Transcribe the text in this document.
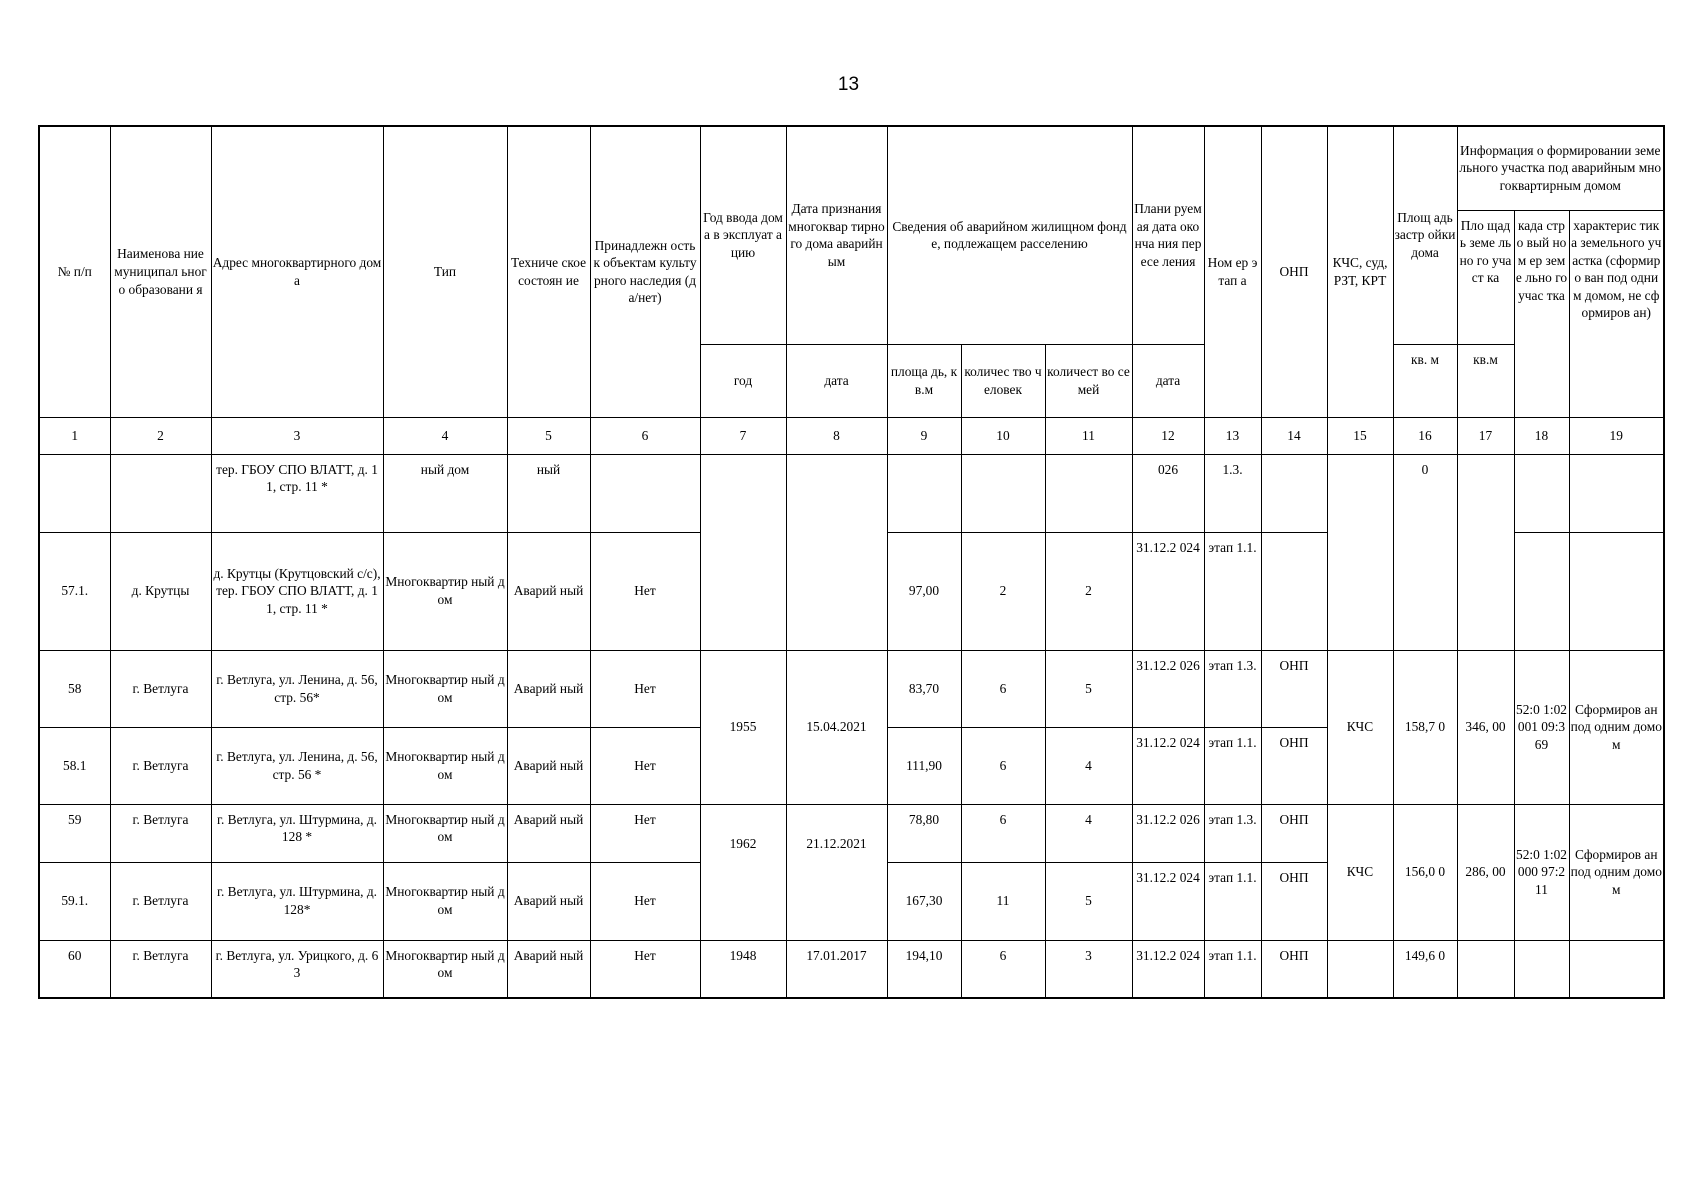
13
№ п/п	Наименова ние муниципал ьного образовани я	Адрес многоквартирного дома	Тип	Техниче ское состоян ие	Принадлежн ость к объектам культурного наследия (да/нет)	Год ввода дома в эксплуат ацию	Дата признания многоквар тирного дома аварийным	Сведения об аварийном жилищном фонде, подлежащем расселению			Плани руемая дата оконча ния пересе ления	Ном ер этап а	ОНП	КЧС, суд, РЗТ, КРТ	Площ адь застр ойки дома	Информация о формировании земельного участка под аварийным многоквартирным домом		
																Пло щадь земе льно го участ ка	када стро вый ном ер земе льно го учас тка	характерис тика земельного участка (сформиро ван под одним домом, не сформиров ан)
						год	дата	площа дь, кв.м	количес тво человек	количест во семей	дата				кв. м	кв.м		
1	2	3	4	5	6	7	8	9	10	11	12	13	14	15	16	17	18	19
		тер. ГБОУ СПО ВЛАТТ, д. 11, стр. 11 *	ный дом	ный							026	1.3.			0			
57.1.	д. Крутцы	д. Крутцы (Крутцовский с/с), тер. ГБОУ СПО ВЛАТТ, д. 11, стр. 11 *	Многоквартир ный дом	Аварий ный	Нет			97,00	2	2	31.12.2 024	этап 1.1.						
58	г. Ветлуга	г. Ветлуга, ул. Ленина, д. 56, стр. 56*	Многоквартир ный дом	Аварий ный	Нет	1955	15.04.2021	83,70	6	5	31.12.2 026	этап 1.3.	ОНП	КЧС	158,7 0	346, 00	52:0 1:02 001 09:3 69	Сформиров ан под одним домом
58.1	г. Ветлуга	г. Ветлуга, ул. Ленина, д. 56, стр. 56 *	Многоквартир ный дом	Аварий ный	Нет			111,90	6	4	31.12.2 024	этап 1.1.	ОНП					
59	г. Ветлуга	г. Ветлуга, ул. Штурмина, д. 128 *	Многоквартир ный дом	Аварий ный	Нет	1962	21.12.2021	78,80	6	4	31.12.2 026	этап 1.3.	ОНП	КЧС	156,0 0	286, 00	52:0 1:02 000 97:2 11	Сформиров ан под одним домом
59.1.	г. Ветлуга	г. Ветлуга, ул. Штурмина, д. 128*	Многоквартир ный дом	Аварий ный	Нет			167,30	11	5	31.12.2 024	этап 1.1.	ОНП					
60	г. Ветлуга	г. Ветлуга, ул. Урицкого, д. 63	Многоквартир ный дом	Аварий ный	Нет	1948	17.01.2017	194,10	6	3	31.12.2 024	этап 1.1.	ОНП		149,6 0			
